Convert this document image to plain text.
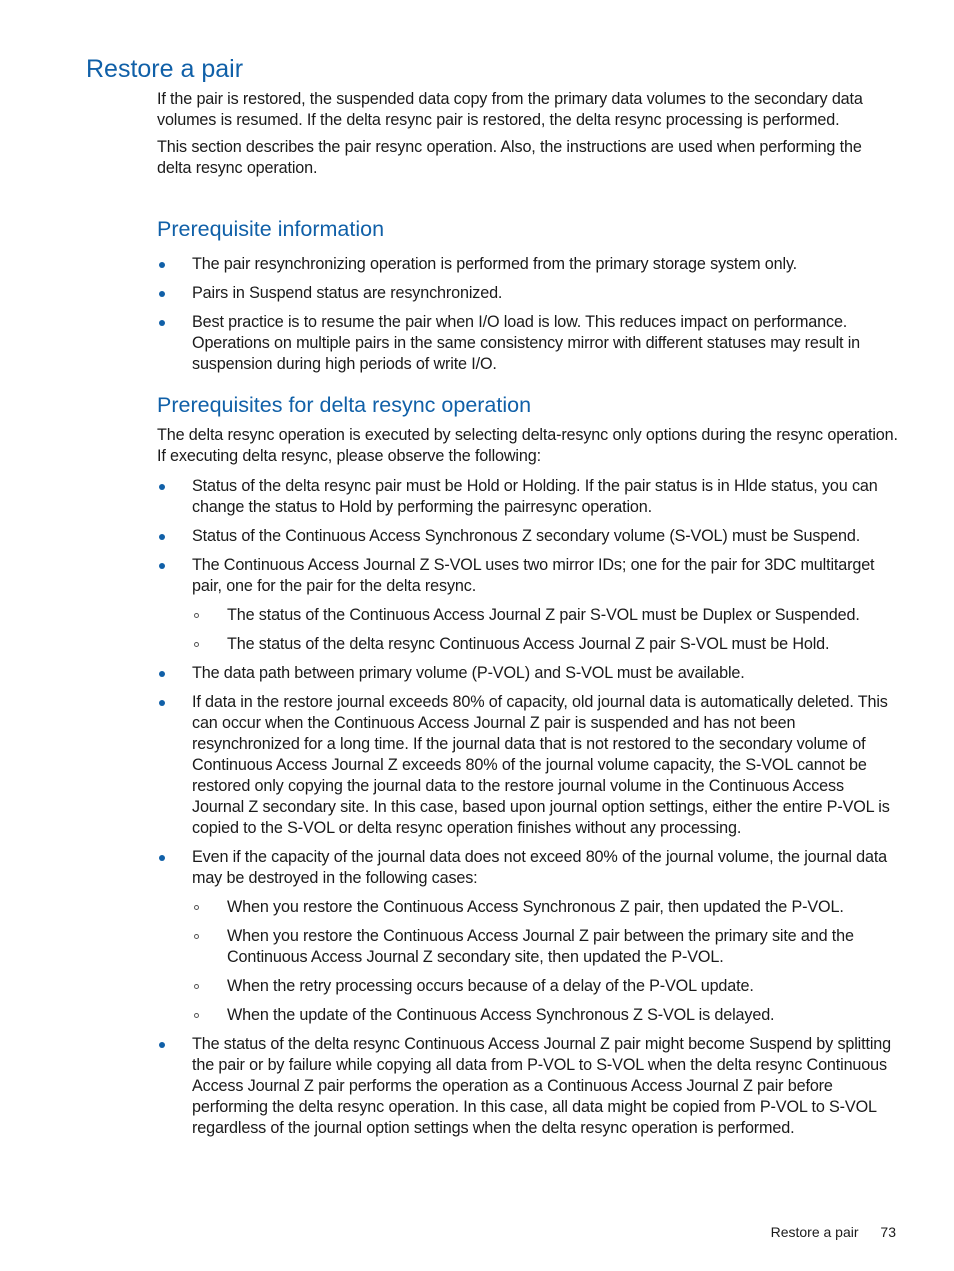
Restore a pair

If the pair is restored, the suspended data copy from the primary data volumes to the secondary data volumes is resumed. If the delta resync pair is restored, the delta resync processing is performed.

This section describes the pair resync operation. Also, the instructions are used when performing the delta resync operation.

Prerequisite information
The pair resynchronizing operation is performed from the primary storage system only.
Pairs in Suspend status are resynchronized.
Best practice is to resume the pair when I/O load is low. This reduces impact on performance. Operations on multiple pairs in the same consistency mirror with different statuses may result in suspension during high periods of write I/O.
Prerequisites for delta resync operation

The delta resync operation is executed by selecting delta-resync only options during the resync operation. If executing delta resync, please observe the following:

Status of the delta resync pair must be Hold or Holding. If the pair status is in Hlde status, you can change the status to Hold by performing the pairresync operation.
Status of the Continuous Access Synchronous Z secondary volume (S-VOL) must be Suspend.
The Continuous Access Journal Z S-VOL uses two mirror IDs; one for the pair for 3DC multitarget pair, one for the pair for the delta resync.
The status of the Continuous Access Journal Z pair S-VOL must be Duplex or Suspended.
The status of the delta resync Continuous Access Journal Z pair S-VOL must be Hold.
The data path between primary volume (P-VOL) and S-VOL must be available.
If data in the restore journal exceeds 80% of capacity, old journal data is automatically deleted. This can occur when the Continuous Access Journal Z pair is suspended and has not been resynchronized for a long time. If the journal data that is not restored to the secondary volume of Continuous Access Journal Z exceeds 80% of the journal volume capacity, the S-VOL cannot be restored only copying the journal data to the restore journal volume in the Continuous Access Journal Z secondary site. In this case, based upon journal option settings, either the entire P-VOL is copied to the S-VOL or delta resync operation finishes without any processing.
Even if the capacity of the journal data does not exceed 80% of the journal volume, the journal data may be destroyed in the following cases:
When you restore the Continuous Access Synchronous Z pair, then updated the P-VOL.
When you restore the Continuous Access Journal Z pair between the primary site and the Continuous Access Journal Z secondary site, then updated the P-VOL.
When the retry processing occurs because of a delay of the P-VOL update.
When the update of the Continuous Access Synchronous Z S-VOL is delayed.
The status of the delta resync Continuous Access Journal Z pair might become Suspend by splitting the pair or by failure while copying all data from P-VOL to S-VOL when the delta resync Continuous Access Journal Z pair performs the operation as a Continuous Access Journal Z pair before performing the delta resync operation. In this case, all data might be copied from P-VOL to S-VOL regardless of the journal option settings when the delta resync operation is performed.
Restore a pair 73
